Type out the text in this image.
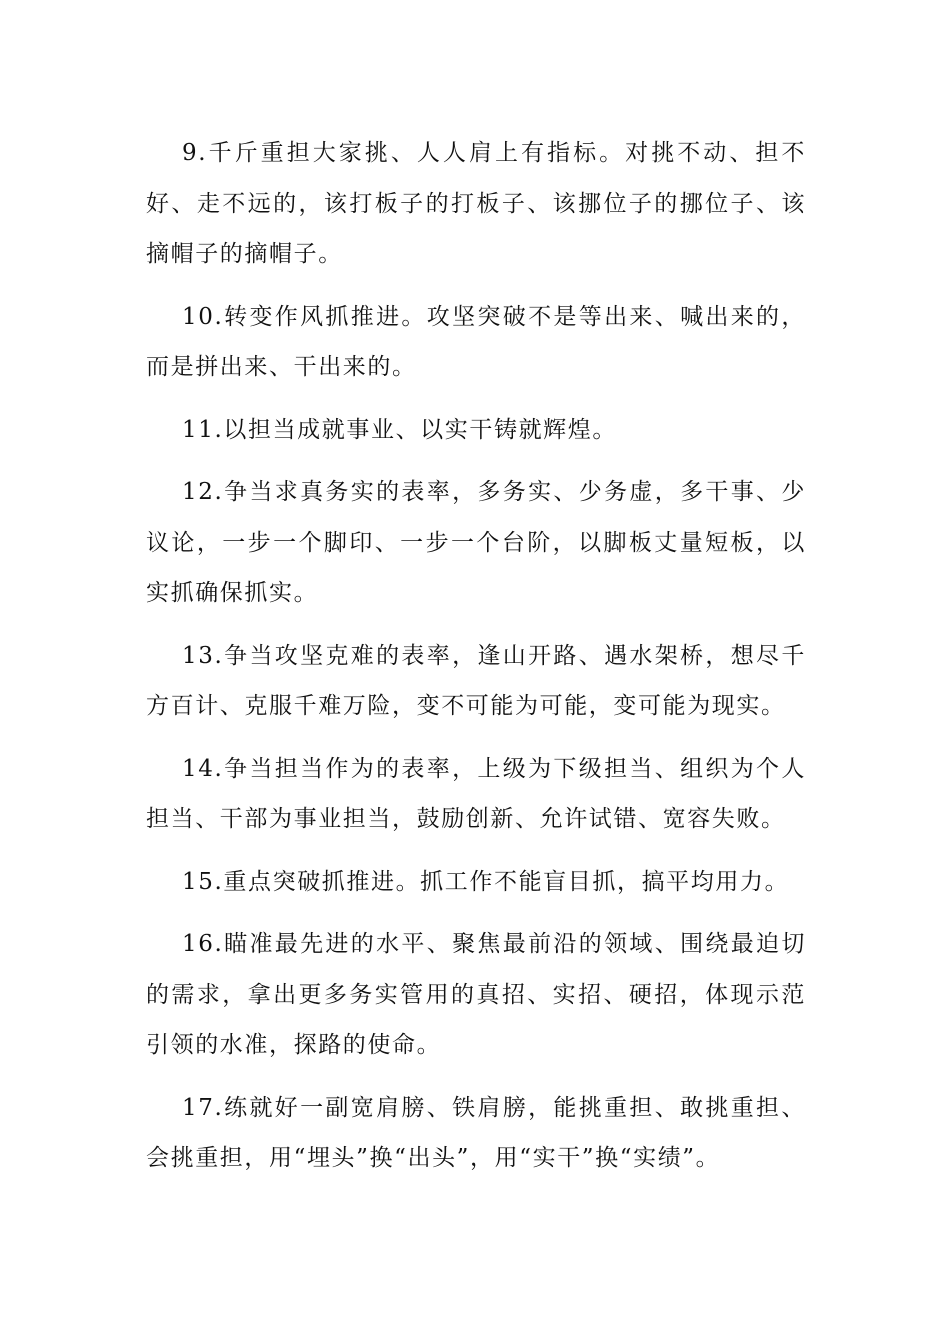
9.千斤重担大家挑、人人肩上有指标。对挑不动、担不好、走不远的，该打板子的打板子、该挪位子的挪位子、该摘帽子的摘帽子。

10.转变作风抓推进。攻坚突破不是等出来、喊出来的，而是拼出来、干出来的。

11.以担当成就事业、以实干铸就辉煌。

12.争当求真务实的表率，多务实、少务虚，多干事、少议论，一步一个脚印、一步一个台阶，以脚板丈量短板，以实抓确保抓实。

13.争当攻坚克难的表率，逢山开路、遇水架桥，想尽千方百计、克服千难万险，变不可能为可能，变可能为现实。

14.争当担当作为的表率，上级为下级担当、组织为个人担当、干部为事业担当，鼓励创新、允许试错、宽容失败。

15.重点突破抓推进。抓工作不能盲目抓，搞平均用力。

16.瞄准最先进的水平、聚焦最前沿的领域、围绕最迫切的需求，拿出更多务实管用的真招、实招、硬招，体现示范引领的水准，探路的使命。

17.练就好一副宽肩膀、铁肩膀，能挑重担、敢挑重担、会挑重担，用“埋头”换“出头”，用“实干”换“实绩”。
